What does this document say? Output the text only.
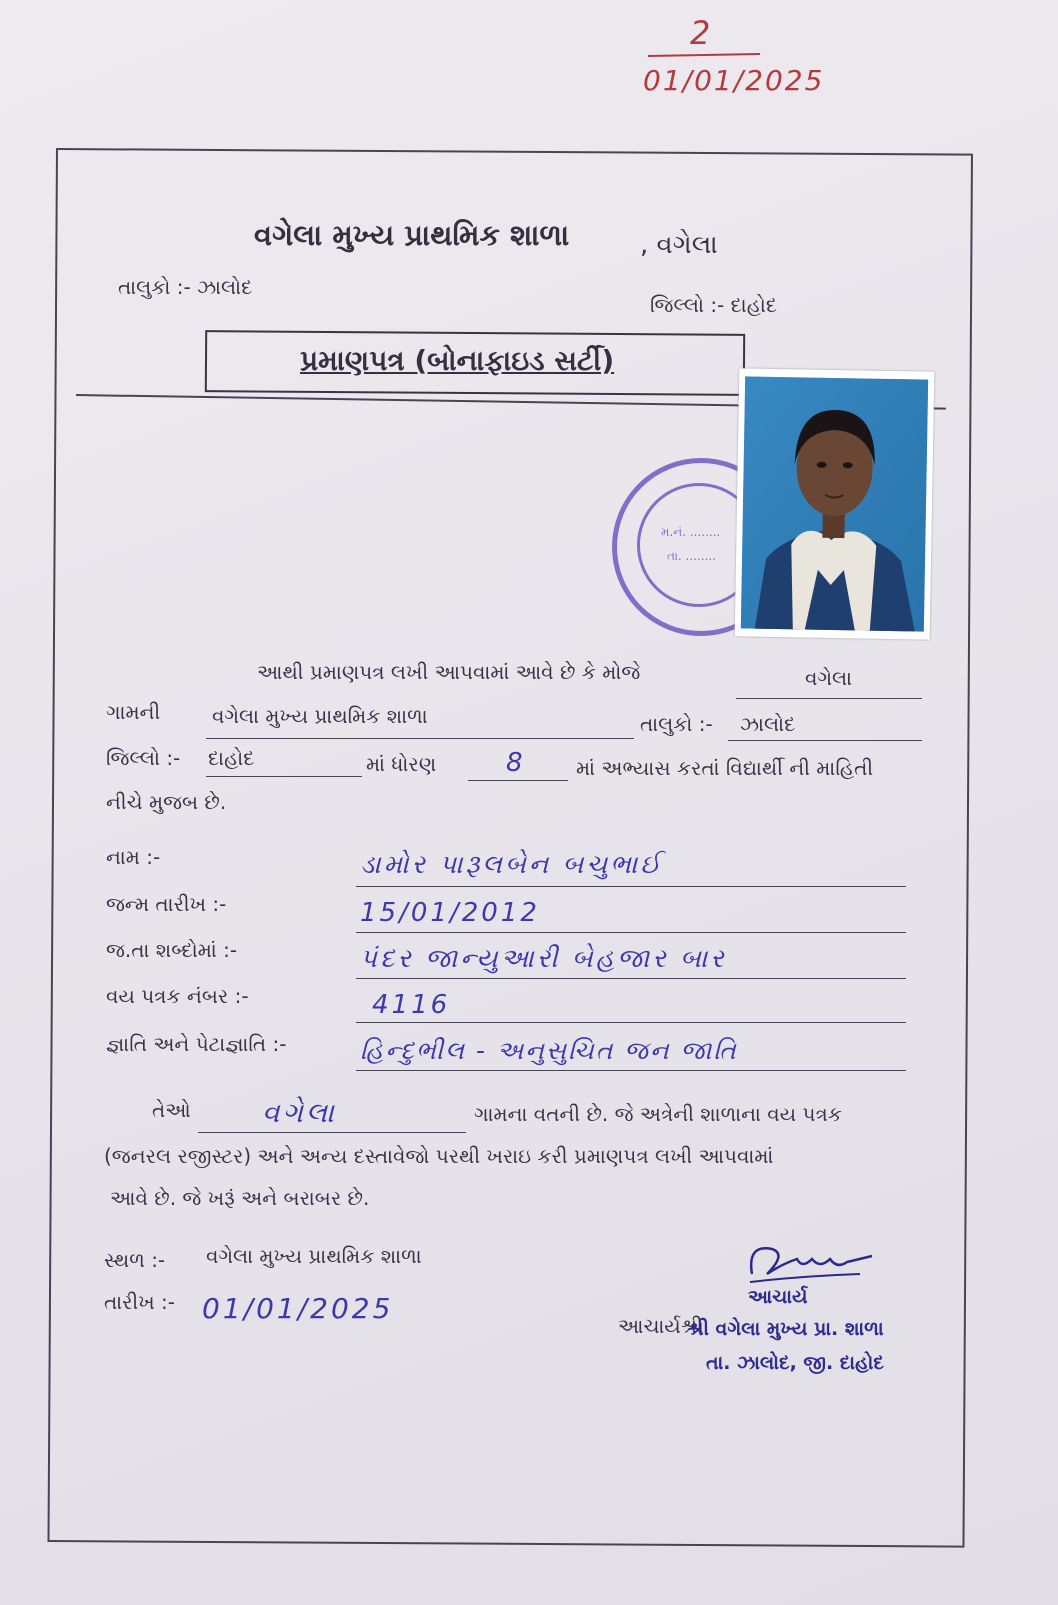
2
01/01/2025
વગેલા મુખ્ય પ્રાથમિક શાળા	, વગેલા
તાલુકો :- ઝાલોદ
જિલ્લો :- દાહોદ
પ્રમાણપત્ર (બોનાફાઇડ સર્ટી)
મ.નં. ........
તા. ........
આથી પ્રમાણપત્ર લખી આપવામાં આવે છે કે મોજે	વગેલા
ગામની	વગેલા મુખ્ય પ્રાથમિક શાળા	તાલુકો :- ઝાલોદ
જિલ્લો :- દાહોદ	માં ધોરણ	8	માં અભ્યાસ કરતાં વિદ્યાર્થી ની માહિતી
નીચે મુજબ છે.
નામ :-	ડામોર પારૂલબેન બચુભાઈ
જન્મ તારીખ :-	15/01/2012
જ.તા શબ્દોમાં :-	પંદર જાન્યુઆરી બેહજાર બાર
વય પત્રક નંબર :-	4116
જ્ઞાતિ અને પેટાજ્ઞાતિ :-	હિન્દુભીલ - અનુસુચિત જન જાતિ
તેઓ	વગેલા	ગામના વતની છે. જે અત્રેની શાળાના વય પત્રક
(જનરલ રજીસ્ટર) અને અન્ય દસ્તાવેજો પરથી ખરાઇ કરી પ્રમાણપત્ર લખી આપવામાં
આવે છે. જે ખરૂં અને બરાબર છે.
સ્થળ :- વગેલા મુખ્ય પ્રાથમિક શાળા
તારીખ :- 01/01/2025	આચાર્ય
આચાર્યશ્રી
શ્રી વગેલા મુખ્ય પ્રા. શાળા
તા. ઝાલોદ, જી. દાહોદ
